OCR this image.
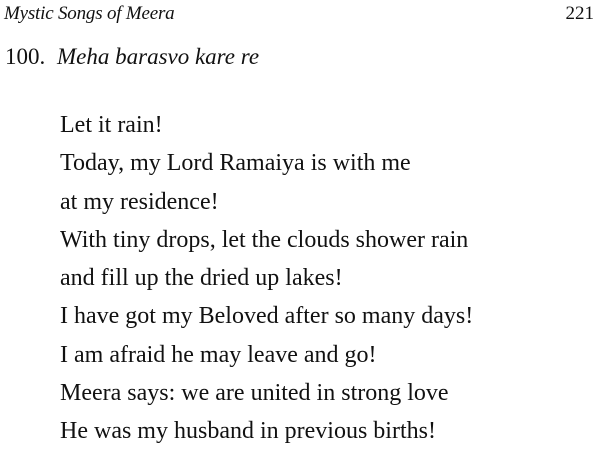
Mystic Songs of Meera	221
100. Meha barasvo kare re
Let it rain!
Today, my Lord Ramaiya is with me
at my residence!
With tiny drops, let the clouds shower rain
and fill up the dried up lakes!
I have got my Beloved after so many days!
I am afraid he may leave and go!
Meera says: we are united in strong love
He was my husband in previous births!
